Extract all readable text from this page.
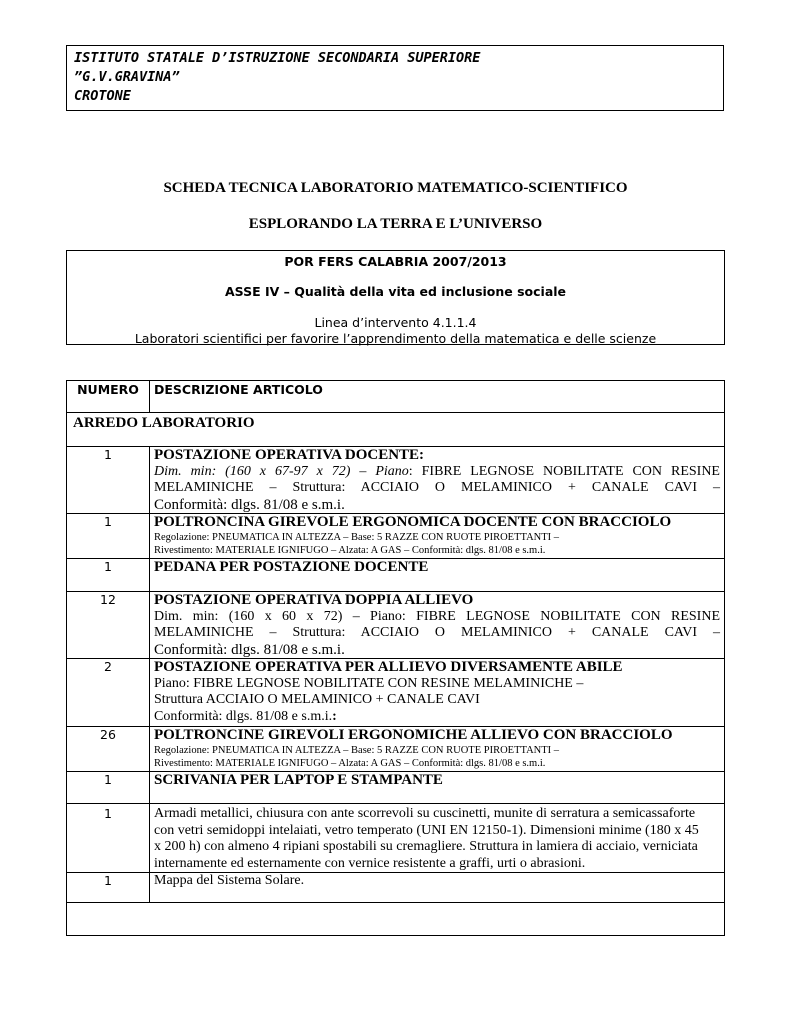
ISTITUTO STATALE D’ISTRUZIONE SECONDARIA SUPERIORE
”G.V.GRAVINA”
CROTONE
SCHEDA TECNICA LABORATORIO MATEMATICO-SCIENTIFICO
ESPLORANDO LA TERRA E L’UNIVERSO
POR FERS CALABRIA 2007/2013
ASSE IV – Qualità della vita ed inclusione sociale
Linea d’intervento 4.1.1.4
Laboratori scientifici per favorire l’apprendimento della matematica e delle scienze
NUMERO	DESCRIZIONE ARTICOLO
ARREDO LABORATORIO	
1	POSTAZIONE OPERATIVA DOCENTE:
Dim. min: (160 x 67-97 x 72) – Piano: FIBRE LEGNOSE NOBILITATE CON RESINE
MELAMINICHE – Struttura: ACCIAIO O MELAMINICO + CANALE CAVI –
Conformità: dlgs. 81/08 e s.m.i.

1	POLTRONCINA GIREVOLE ERGONOMICA DOCENTE CON BRACCIOLO
Regolazione: PNEUMATICA IN ALTEZZA – Base: 5 RAZZE CON RUOTE PIROETTANTI –
Rivestimento: MATERIALE IGNIFUGO – Alzata: A GAS – Conformità: dlgs. 81/08 e s.m.i.

1	PEDANA PER POSTAZIONE DOCENTE

12	POSTAZIONE OPERATIVA DOPPIA ALLIEVO
Dim. min: (160 x 60 x 72) – Piano: FIBRE LEGNOSE NOBILITATE CON RESINE
MELAMINICHE – Struttura: ACCIAIO O MELAMINICO + CANALE CAVI –
Conformità: dlgs. 81/08 e s.m.i.

2	POSTAZIONE OPERATIVA PER ALLIEVO DIVERSAMENTE ABILE
Piano: FIBRE LEGNOSE NOBILITATE CON RESINE MELAMINICHE –
Struttura ACCIAIO O MELAMINICO + CANALE CAVI
Conformità: dlgs. 81/08 e s.m.i.:

26	POLTRONCINE GIREVOLI ERGONOMICHE ALLIEVO CON BRACCIOLO
Regolazione: PNEUMATICA IN ALTEZZA – Base: 5 RAZZE CON RUOTE PIROETTANTI –
Rivestimento: MATERIALE IGNIFUGO – Alzata: A GAS – Conformità: dlgs. 81/08 e s.m.i.

1	SCRIVANIA PER LAPTOP E STAMPANTE

1	Armadi metallici, chiusura con ante scorrevoli su cuscinetti, munite di serratura a semicassaforte
con vetri semidoppi intelaiati, vetro temperato (UNI EN 12150-1). Dimensioni minime (180 x 45
x 200 h) con almeno 4 ripiani spostabili su cremagliere. Struttura in lamiera di acciaio, verniciata
internamente ed esternamente con vernice resistente a graffi, urti o abrasioni.

1	Mappa del Sistema Solare.
